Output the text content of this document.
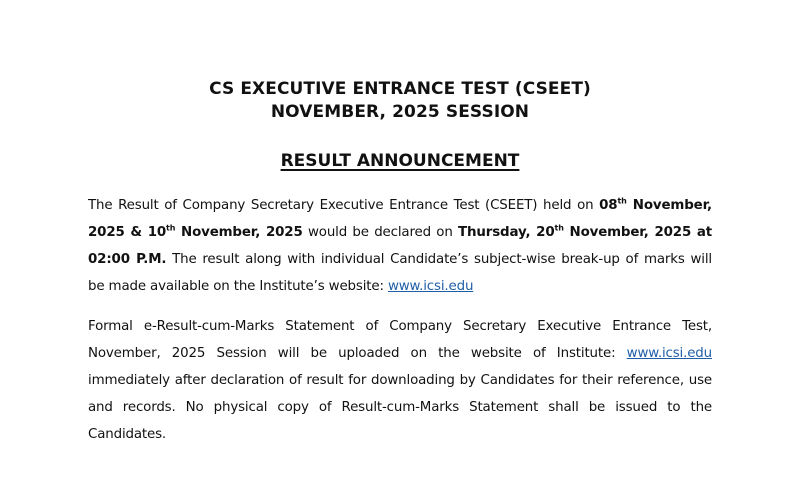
CS EXECUTIVE ENTRANCE TEST (CSEET)
NOVEMBER, 2025 SESSION
RESULT ANNOUNCEMENT
The Result of Company Secretary Executive Entrance Test (CSEET) held on 08th November, 2025 & 10th November, 2025 would be declared on Thursday, 20th November, 2025 at 02:00 P.M. The result along with individual Candidate’s subject-wise break-up of marks will be made available on the Institute’s website: www.icsi.edu
Formal e-Result-cum-Marks Statement of Company Secretary Executive Entrance Test, November, 2025 Session will be uploaded on the website of Institute: www.icsi.edu  immediately after declaration of result for downloading by Candidates for their reference, use and records. No physical copy of Result-cum-Marks Statement shall be issued to the Candidates.
